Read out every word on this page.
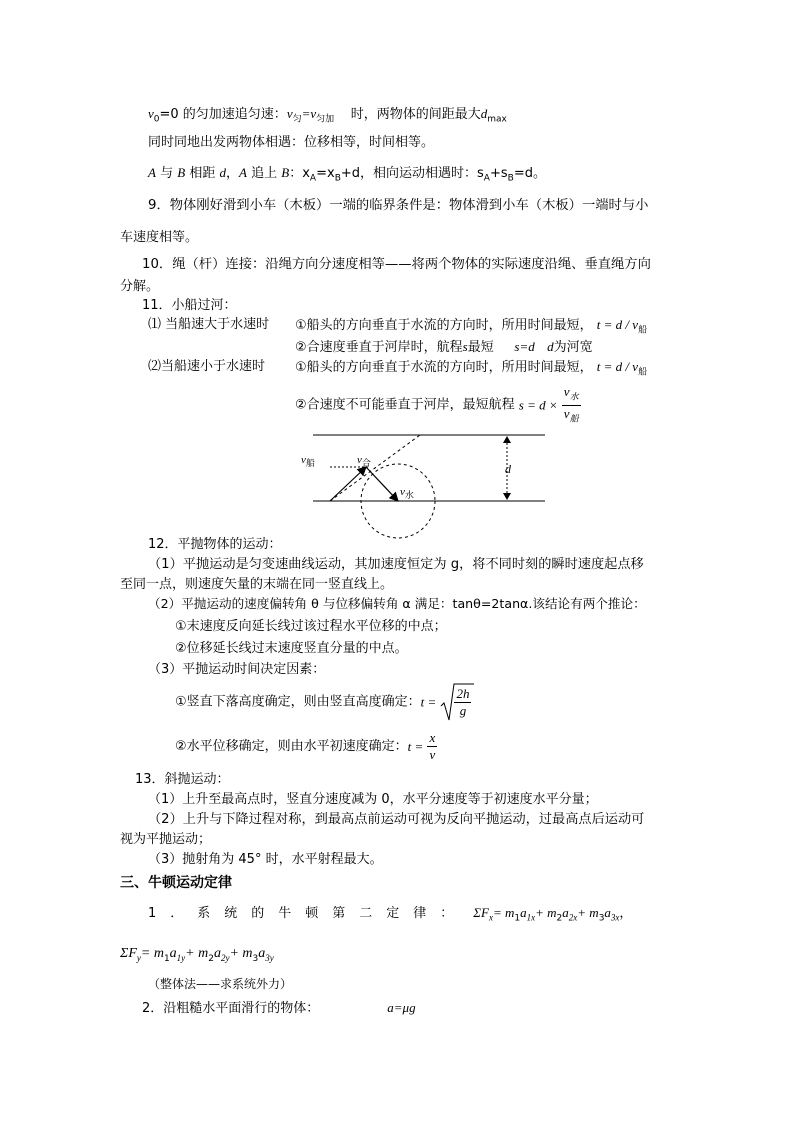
$v_0=0$ 的匀加速追匀速：$v_匀=v_{匀加}$ 时，两物体的间距最大$d_{max}$
同时同地出发两物体相遇：位移相等，时间相等。
A 与 B 相距 d，A 追上 B：$x_A=x_B+d$，相向运动相遇时：$s_A+s_B=d$。
9．物体刚好滑到小车（木板）一端的临界条件是：物体滑到小车（木板）一端时与小
车速度相等。
10．绳（杆）连接：沿绳方向分速度相等——将两个物体的实际速度沿绳、垂直绳方向
分解。
11．小船过河：
⑴ 当船速大于水速时 ①船头的方向垂直于水流的方向时，所用时间最短， $t = d / v_船$
②合速度垂直于河岸时，航程s最短 s=d d为河宽
⑵当船速小于水速时 ①船头的方向垂直于水流的方向时，所用时间最短， $t = d / v_船$
②合速度不可能垂直于河岸，最短航程 $s = d \times \frac{v_水}{v_船}$
$v_船$	$v_合$
$v_水$
d
12．平抛物体的运动：
（1）平抛运动是匀变速曲线运动，其加速度恒定为 g，将不同时刻的瞬时速度起点移
至同一点，则速度矢量的末端在同一竖直线上。
（2）平抛运动的速度偏转角 θ 与位移偏转角 α 满足：tanθ=2tanα.该结论有两个推论：
①末速度反向延长线过该过程水平位移的中点；
②位移延长线过末速度竖直分量的中点。
（3）平抛运动时间决定因素：
①竖直下落高度确定，则由竖直高度确定：$t = \frac{2h}{g}$
②水平位移确定，则由水平初速度确定：$t = \frac{x}{v}$
13．斜抛运动：
（1）上升至最高点时，竖直分速度减为 0，水平分速度等于初速度水平分量；
（2）上升与下降过程对称，到最高点前运动可视为反向平抛运动，过最高点后运动可
视为平抛运动；
（3）抛射角为 45° 时，水平射程最大。
三、牛顿运动定律
1．系统的牛顿第二定律： $\Sigma F_x= m_1a_{1x}+ m_2a_{2x}+ m_3a_{3x}$，
$\Sigma F_y= m_1a_{1y}+ m_2a_{2y}+ m_3a_{3y}$
（整体法——求系统外力）
2．沿粗糙水平面滑行的物体：	a=μg
